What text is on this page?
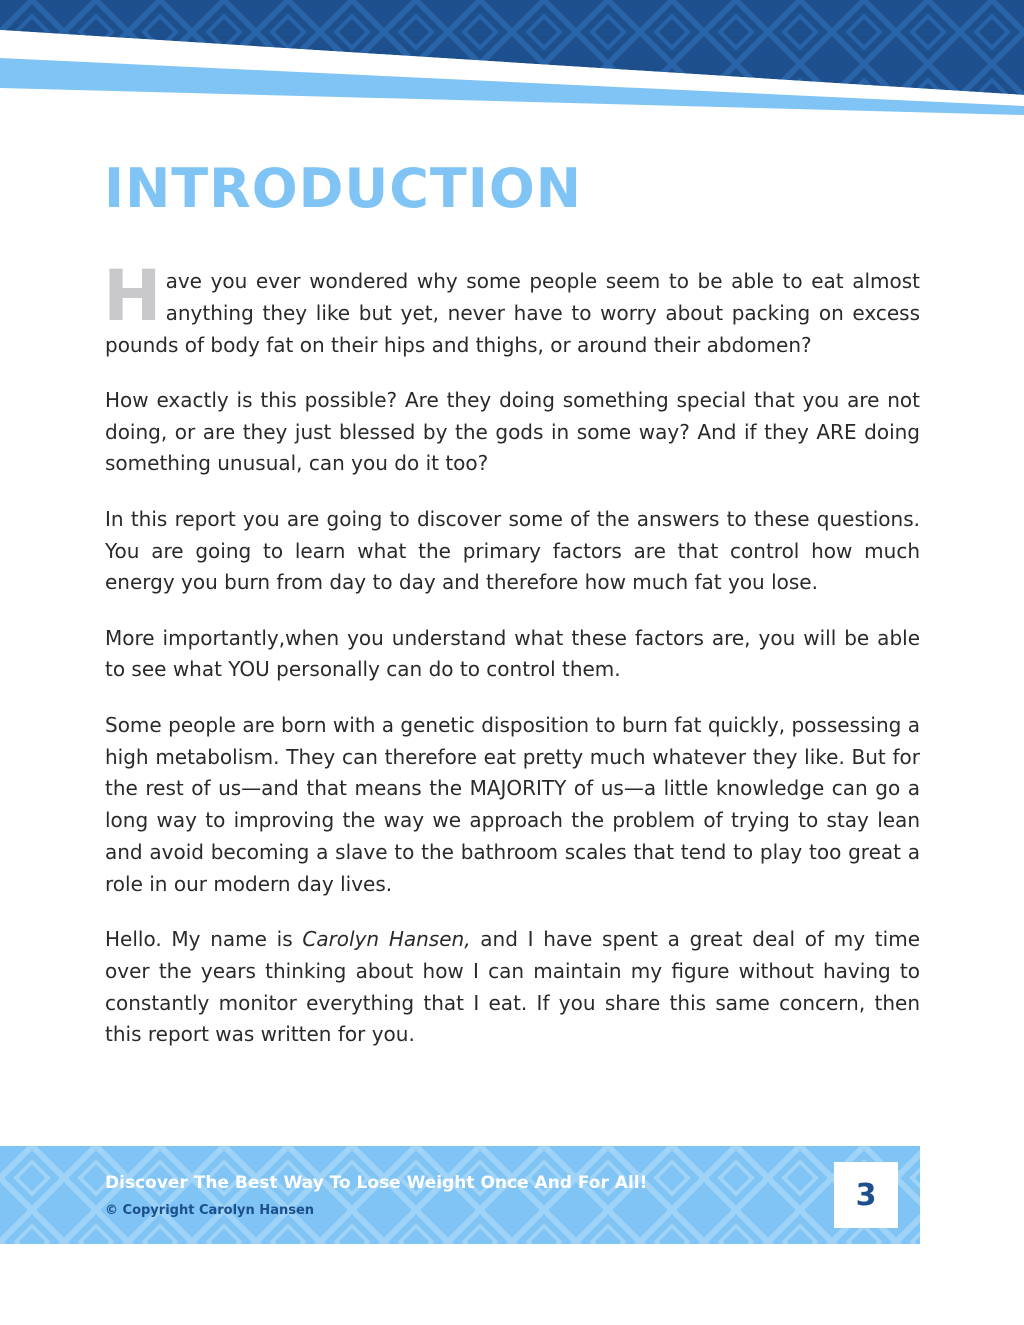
INTRODUCTION

Have you ever wondered why some people seem to be able to eat almost anything they like but yet, never have to worry about packing on excess pounds of body fat on their hips and thighs, or around their abdomen?

How exactly is this possible? Are they doing something special that you are not doing, or are they just blessed by the gods in some way? And if they ARE doing something unusual, can you do it too?

In this report you are going to discover some of the answers to these questions. You are going to learn what the primary factors are that control how much energy you burn from day to day and therefore how much fat you lose.

More importantly,when you understand what these factors are, you will be able to see what YOU personally can do to control them.

Some people are born with a genetic disposition to burn fat quickly, possessing a high metabolism. They can therefore eat pretty much whatever they like. But for the rest of us—and that means the MAJORITY of us—a little knowledge can go a long way to improving the way we approach the problem of trying to stay lean and avoid becoming a slave to the bathroom scales that tend to play too great a role in our modern day lives.

Hello. My name is Carolyn Hansen, and I have spent a great deal of my time over the years thinking about how I can maintain my figure without having to constantly monitor everything that I eat. If you share this same concern, then this report was written for you.

Discover The Best Way To Lose Weight Once And For All!
© Copyright Carolyn Hansen	3
